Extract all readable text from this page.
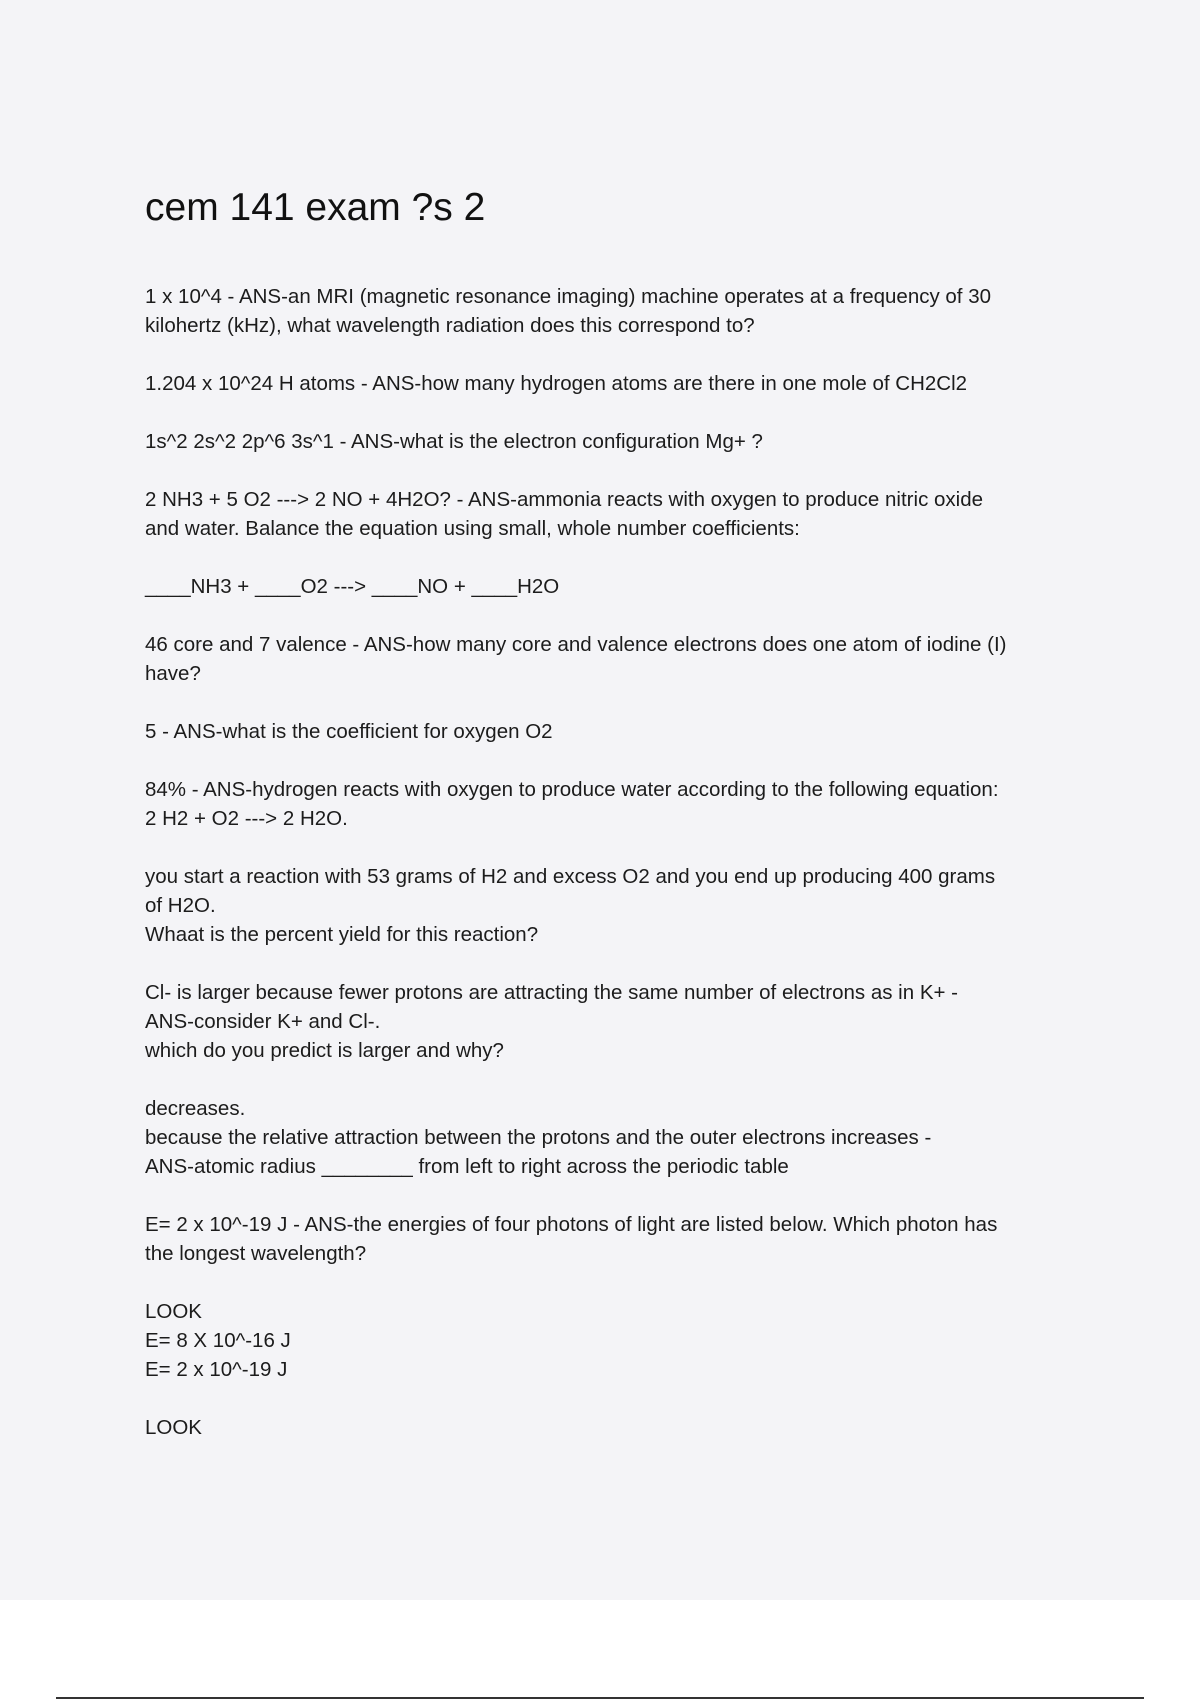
cem 141 exam ?s 2

1 x 10^4 - ANS-an MRI (magnetic resonance imaging) machine operates at a frequency of 30
kilohertz (kHz), what wavelength radiation does this correspond to?

1.204 x 10^24 H atoms - ANS-how many hydrogen atoms are there in one mole of CH2Cl2

1s^2 2s^2 2p^6 3s^1 - ANS-what is the electron configuration Mg+ ?

2 NH3 + 5 O2 ---> 2 NO + 4H2O? - ANS-ammonia reacts with oxygen to produce nitric oxide
and water. Balance the equation using small, whole number coefficients:

____NH3 + ____O2 ---> ____NO + ____H2O

46 core and 7 valence - ANS-how many core and valence electrons does one atom of iodine (I)
have?

5 - ANS-what is the coefficient for oxygen O2

84% - ANS-hydrogen reacts with oxygen to produce water according to the following equation:
2 H2 + O2 ---> 2 H2O.

you start a reaction with 53 grams of H2 and excess O2 and you end up producing 400 grams
of H2O.
Whaat is the percent yield for this reaction?

Cl- is larger because fewer protons are attracting the same number of electrons as in K+ -
ANS-consider K+ and Cl-.
which do you predict is larger and why?

decreases.
because the relative attraction between the protons and the outer electrons increases -
ANS-atomic radius ________ from left to right across the periodic table

E= 2 x 10^-19 J - ANS-the energies of four photons of light are listed below. Which photon has
the longest wavelength?

LOOK
E= 8 X 10^-16 J
E= 2 x 10^-19 J

LOOK
